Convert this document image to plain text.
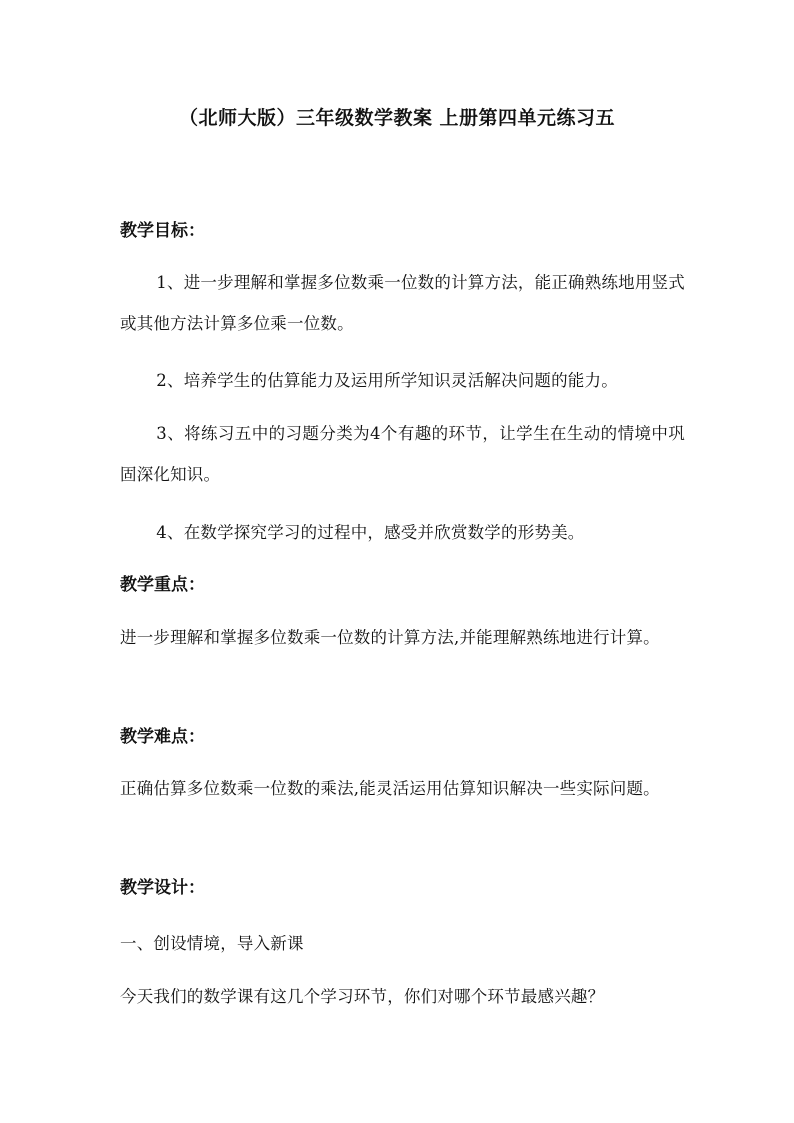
（北师大版）三年级数学教案 上册第四单元练习五
教学目标：
1、进一步理解和掌握多位数乘一位数的计算方法，能正确熟练地用竖式或其他方法计算多位乘一位数。
2、培养学生的估算能力及运用所学知识灵活解决问题的能力。
3、将练习五中的习题分类为4个有趣的环节，让学生在生动的情境中巩固深化知识。
4、在数学探究学习的过程中，感受并欣赏数学的形势美。
教学重点：
进一步理解和掌握多位数乘一位数的计算方法,并能理解熟练地进行计算。
教学难点：
正确估算多位数乘一位数的乘法,能灵活运用估算知识解决一些实际问题。
教学设计：
一、创设情境，导入新课
今天我们的数学课有这几个学习环节，你们对哪个环节最感兴趣？
